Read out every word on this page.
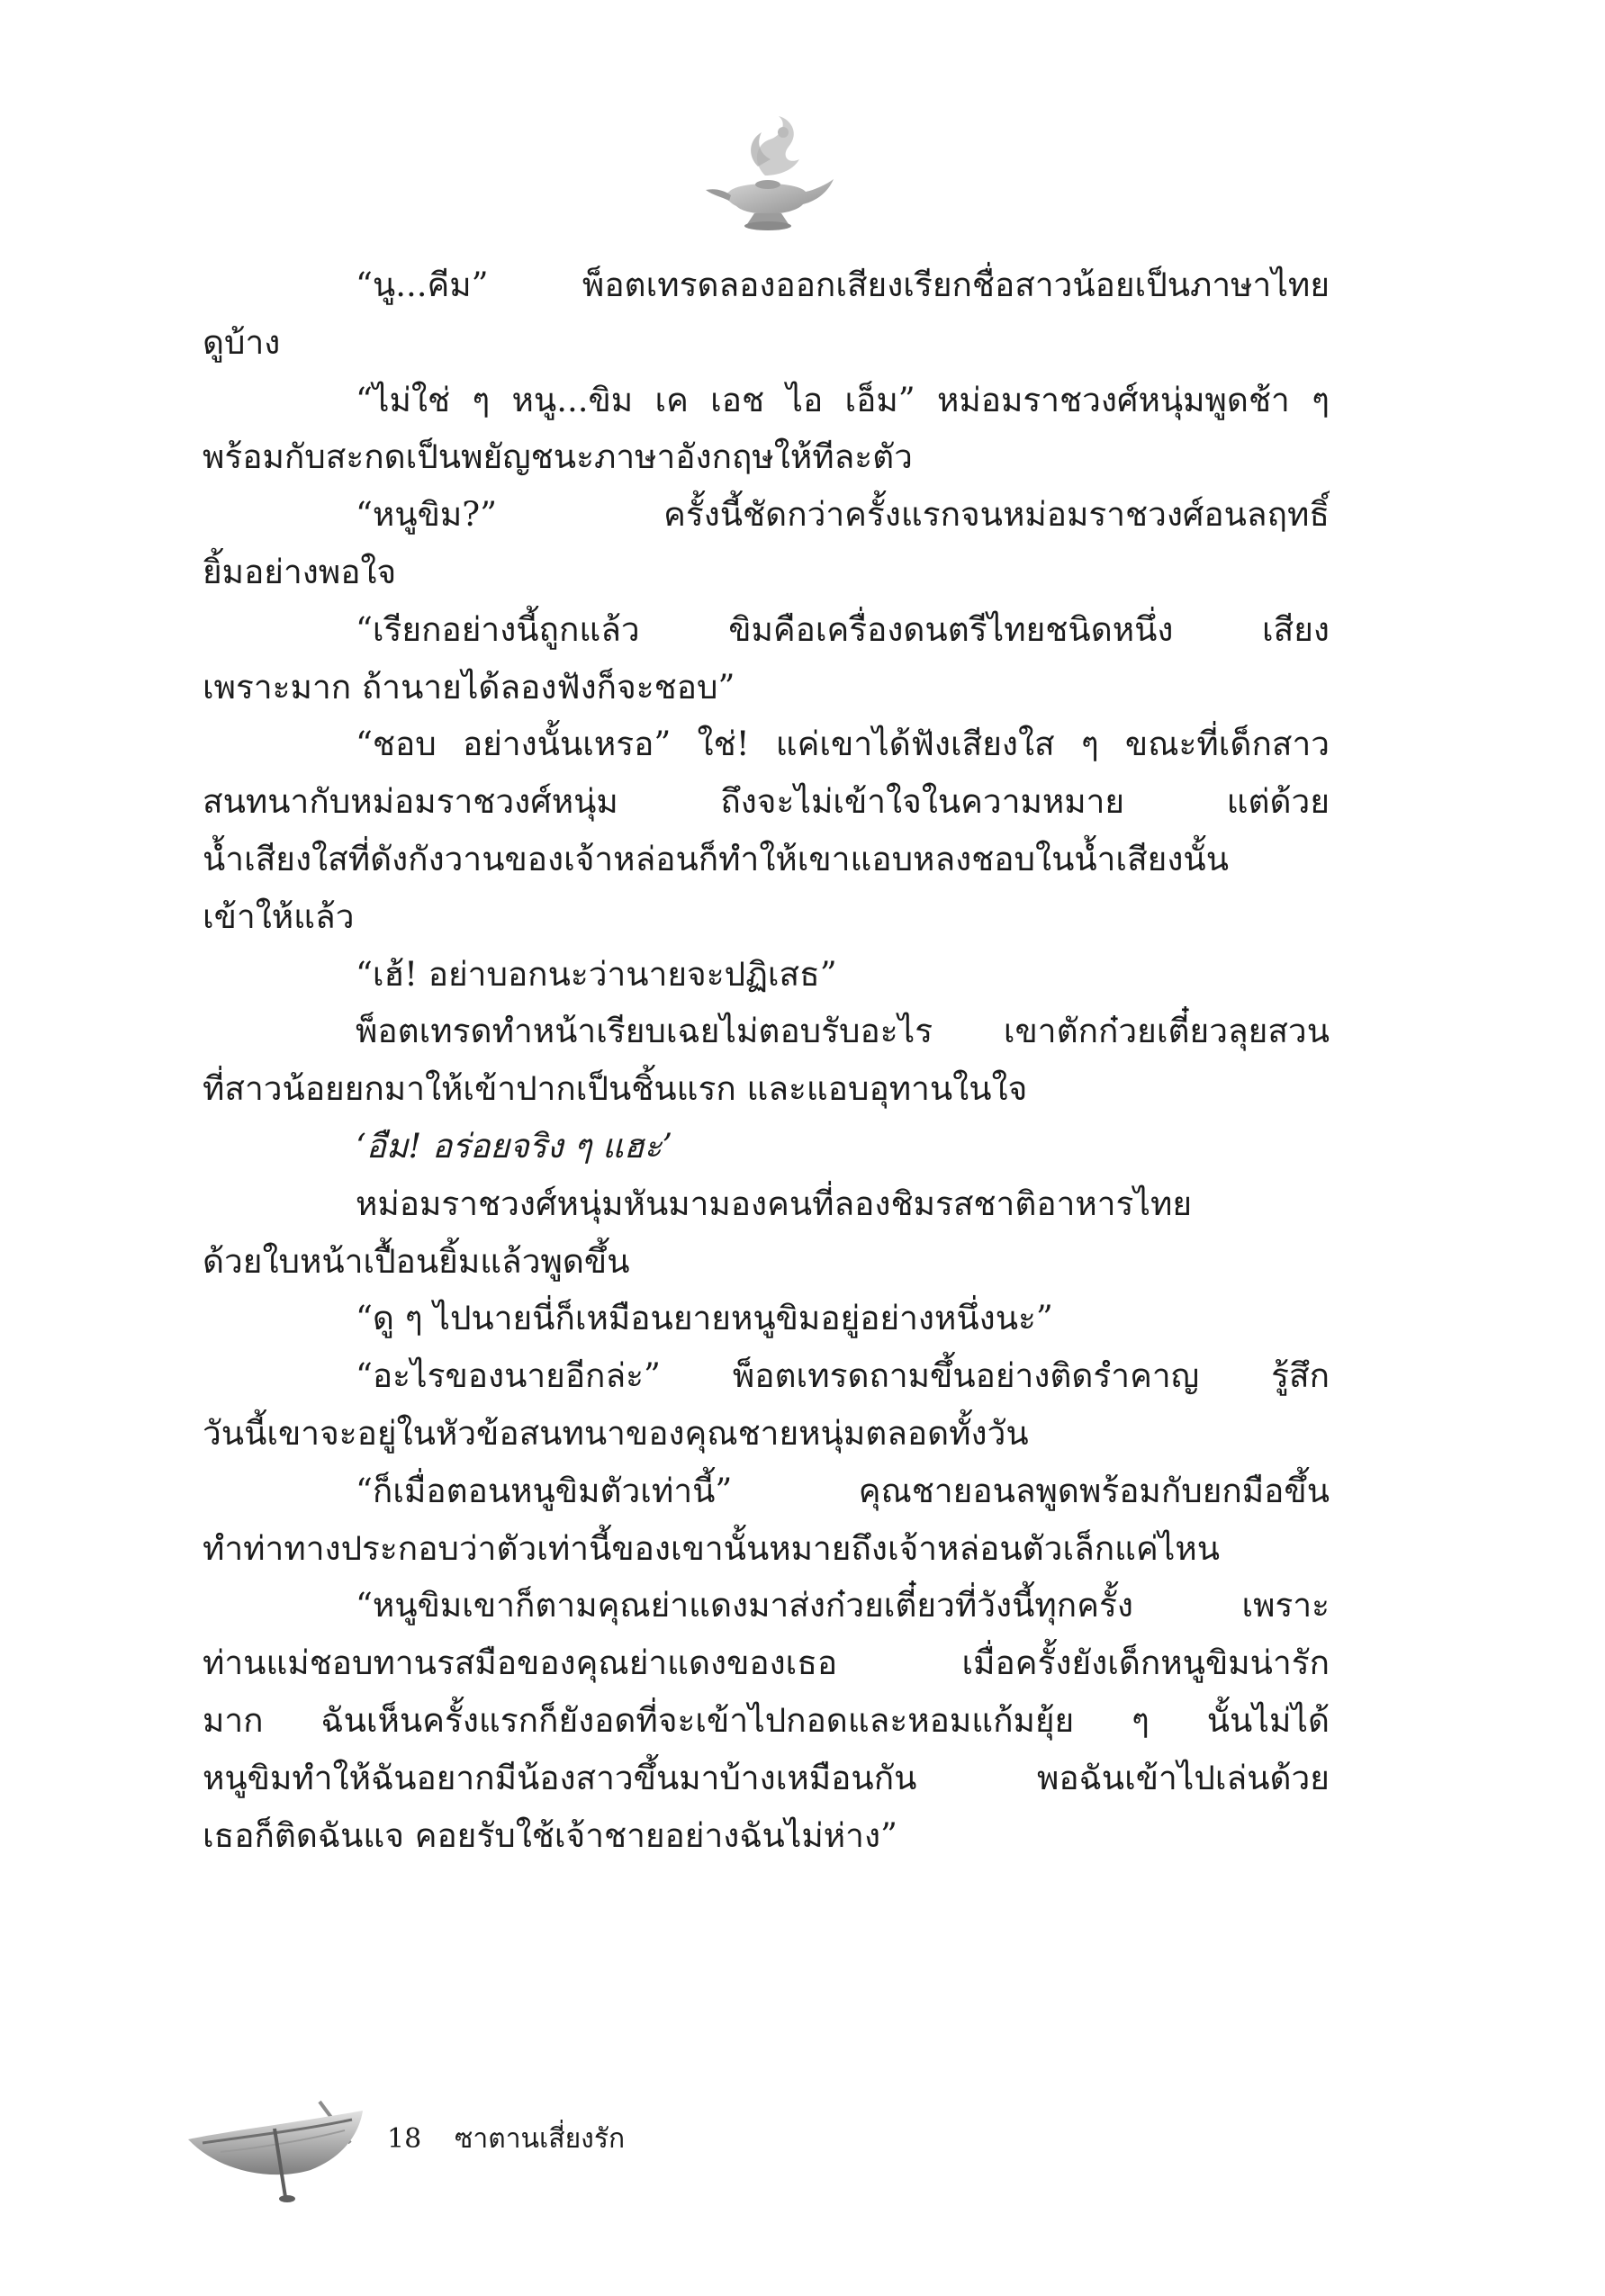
“นู...คีม” พ็อตเทรดลองออกเสียงเรียกชื่อสาวน้อยเป็นภาษาไทย
ดูบ้าง
“ไม่ใช่ ๆ หนู...ขิม เค เอช ไอ เอ็ม” หม่อมราชวงศ์หนุ่มพูดช้า ๆ
พร้อมกับสะกดเป็นพยัญชนะภาษาอังกฤษให้ทีละตัว
“หนูขิม?” ครั้งนี้ชัดกว่าครั้งแรกจนหม่อมราชวงศ์อนลฤทธิ์
ยิ้มอย่างพอใจ
“เรียกอย่างนี้ถูกแล้ว ขิมคือเครื่องดนตรีไทยชนิดหนึ่ง เสียง
เพราะมาก ถ้านายได้ลองฟังก็จะชอบ”
“ชอบ อย่างนั้นเหรอ” ใช่! แค่เขาได้ฟังเสียงใส ๆ ขณะที่เด็กสาว
สนทนากับหม่อมราชวงศ์หนุ่ม ถึงจะไม่เข้าใจในความหมาย แต่ด้วย
น้ำเสียงใสที่ดังกังวานของเจ้าหล่อนก็ทำให้เขาแอบหลงชอบในน้ำเสียงนั้น
เข้าให้แล้ว
“เฮ้! อย่าบอกนะว่านายจะปฏิเสธ”
พ็อตเทรดทำหน้าเรียบเฉยไม่ตอบรับอะไร เขาตักก๋วยเตี๋ยวลุยสวน
ที่สาวน้อยยกมาให้เข้าปากเป็นชิ้นแรก และแอบอุทานในใจ
‘อืม! อร่อยจริง ๆ แฮะ’
หม่อมราชวงศ์หนุ่มหันมามองคนที่ลองชิมรสชาติอาหารไทย
ด้วยใบหน้าเปื้อนยิ้มแล้วพูดขึ้น
“ดู ๆ ไปนายนี่ก็เหมือนยายหนูขิมอยู่อย่างหนึ่งนะ”
“อะไรของนายอีกล่ะ” พ็อตเทรดถามขึ้นอย่างติดรำคาญ รู้สึก
วันนี้เขาจะอยู่ในหัวข้อสนทนาของคุณชายหนุ่มตลอดทั้งวัน
“ก็เมื่อตอนหนูขิมตัวเท่านี้” คุณชายอนลพูดพร้อมกับยกมือขึ้น
ทำท่าทางประกอบว่าตัวเท่านี้ของเขานั้นหมายถึงเจ้าหล่อนตัวเล็กแค่ไหน
“หนูขิมเขาก็ตามคุณย่าแดงมาส่งก๋วยเตี๋ยวที่วังนี้ทุกครั้ง เพราะ
ท่านแม่ชอบทานรสมือของคุณย่าแดงของเธอ เมื่อครั้งยังเด็กหนูขิมน่ารัก
มาก ฉันเห็นครั้งแรกก็ยังอดที่จะเข้าไปกอดและหอมแก้มยุ้ย ๆ นั้นไม่ได้
หนูขิมทำให้ฉันอยากมีน้องสาวขึ้นมาบ้างเหมือนกัน พอฉันเข้าไปเล่นด้วย
เธอก็ติดฉันแจ คอยรับใช้เจ้าชายอย่างฉันไม่ห่าง”
18 ซาตานเสี่ยงรัก
